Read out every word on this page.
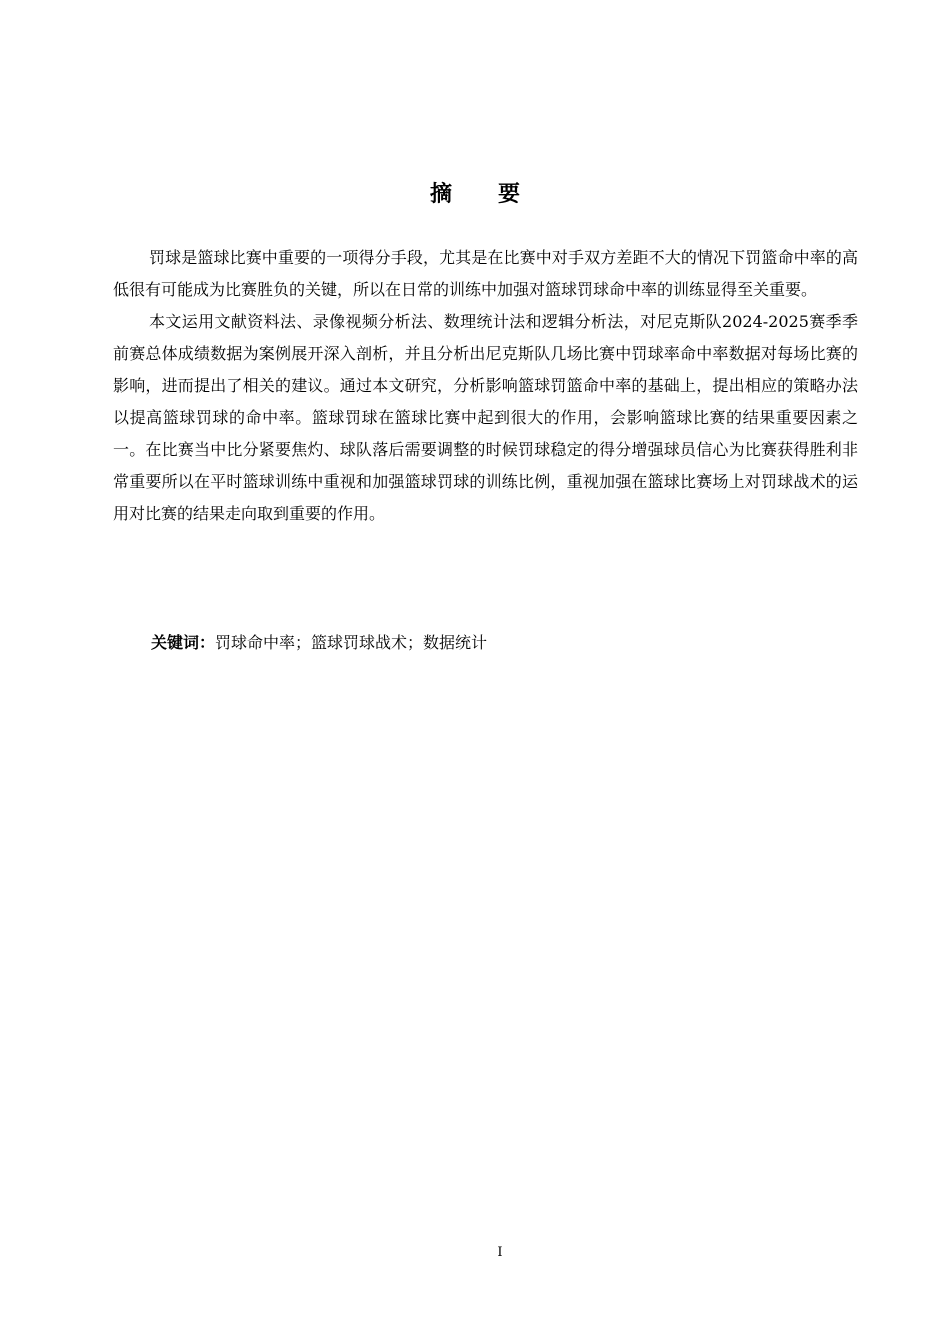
摘 要

罚球是篮球比赛中重要的一项得分手段，尤其是在比赛中对手双方差距不大的情况下罚篮命中率的高低很有可能成为比赛胜负的关键，所以在日常的训练中加强对篮球罚球命中率的训练显得至关重要。

本文运用文献资料法、录像视频分析法、数理统计法和逻辑分析法，对尼克斯队2024-2025赛季季前赛总体成绩数据为案例展开深入剖析，并且分析出尼克斯队几场比赛中罚球率命中率数据对每场比赛的影响，进而提出了相关的建议。通过本文研究，分析影响篮球罚篮命中率的基础上，提出相应的策略办法以提高篮球罚球的命中率。篮球罚球在篮球比赛中起到很大的作用，会影响篮球比赛的结果重要因素之一。在比赛当中比分紧要焦灼、球队落后需要调整的时候罚球稳定的得分增强球员信心为比赛获得胜利非常重要所以在平时篮球训练中重视和加强篮球罚球的训练比例，重视加强在篮球比赛场上对罚球战术的运用对比赛的结果走向取到重要的作用。

关键词：罚球命中率；篮球罚球战术；数据统计
I
